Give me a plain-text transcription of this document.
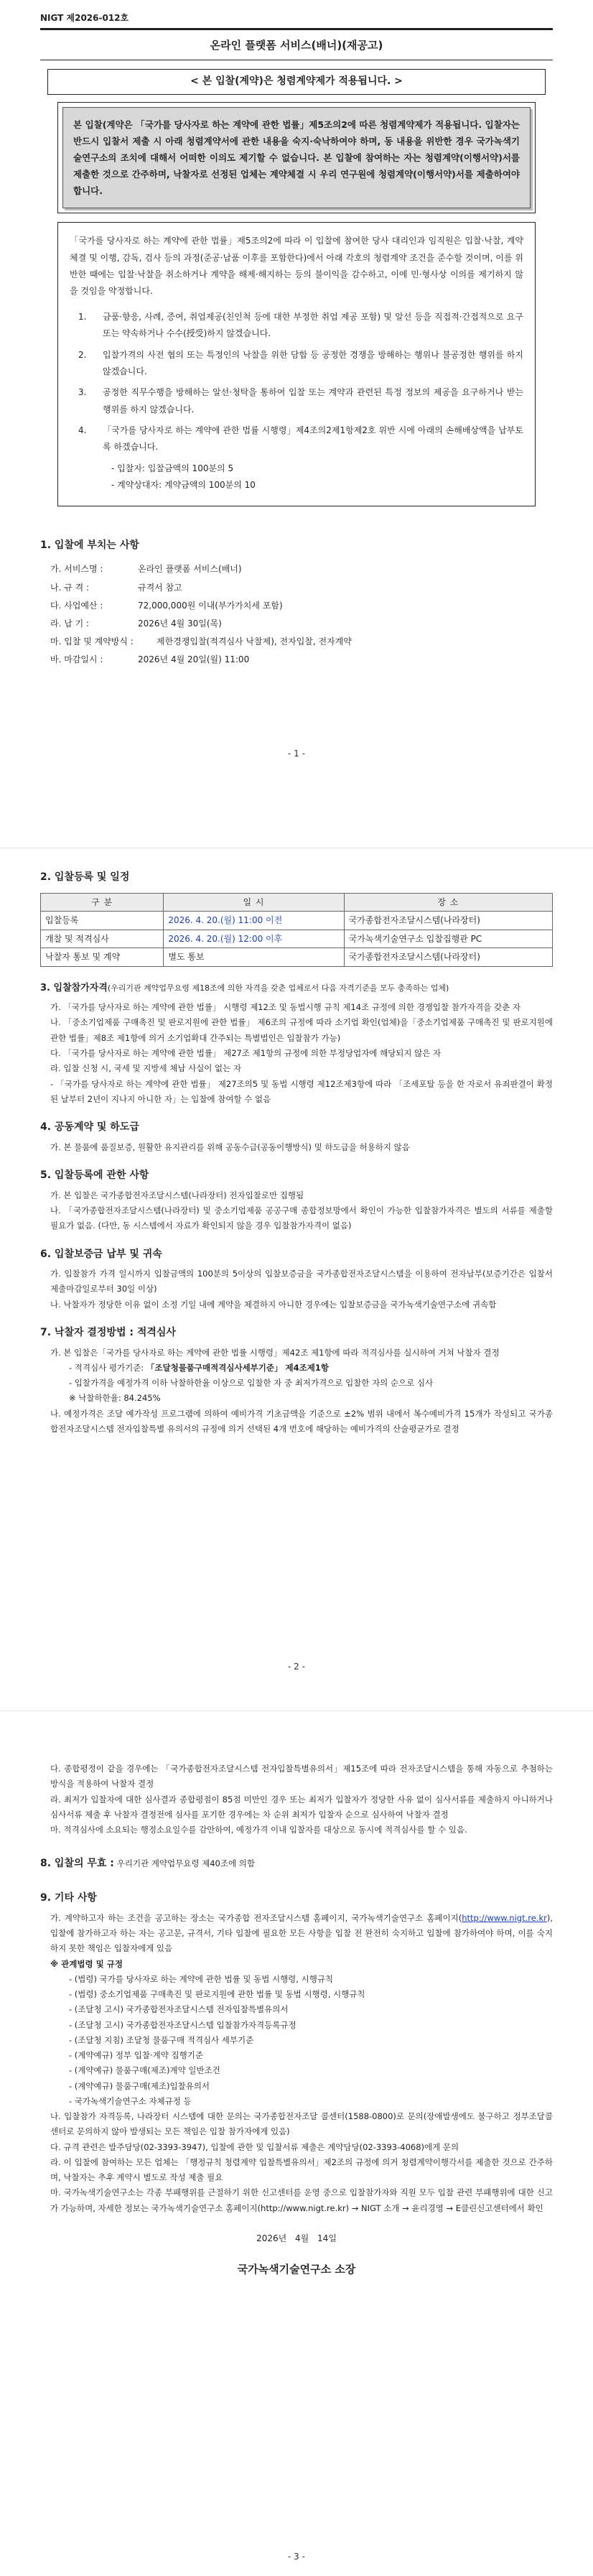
NIGT 제2026-012호
온라인 플랫폼 서비스(배너)(재공고)
< 본 입찰(계약)은 청렴계약제가 적용됩니다. >
본 입찰(계약은 「국가를 당사자로 하는 계약에 관한 법률」제5조의2에 따른 청렴계약제가 적용됩니다. 입찰자는 반드시 입찰서 제출 시 아래 청렴계약서에 관한 내용을 숙지·숙낙하여야 하며, 동 내용을 위반한 경우 국가녹색기술연구소의 조치에 대해서 어떠한 이의도 제기할 수 없습니다. 본 입찰에 참여하는 자는 청렴계약(이행서약)서를 제출한 것으로 간주하며, 낙찰자로 선정된 업체는 계약체결 시 우리 연구원에 청렴계약(이행서약)서를 제출하여야 합니다.
「국가를 당사자로 하는 계약에 관한 법률」제5조의2에 따라 이 입찰에 참여한 당사 대리인과 임직원은 입찰·낙찰, 계약 체결 및 이행, 감독, 검사 등의 과정(준공·납품 이후를 포함한다)에서 아래 각호의 청렴계약 조건을 준수할 것이며, 이를 위반한 때에는 입찰·낙찰을 취소하거나 계약을 해제·해지하는 등의 불이익을 감수하고, 이에 민·형사상 이의를 제기하지 않을 것임을 약정합니다.
1.	금품·향응, 사례, 증여, 취업제공(친인척 등에 대한 부정한 취업 제공 포함) 및 알선 등을 직접적·간접적으로 요구 또는 약속하거나 수수(授受)하지 않겠습니다.
2.	입찰가격의 사전 협의 또는 특정인의 낙찰을 위한 담합 등 공정한 경쟁을 방해하는 행위나 불공정한 행위를 하지 않겠습니다.
3.	공정한 직무수행을 방해하는 알선·청탁을 통하여 입찰 또는 계약과 관련된 특정 정보의 제공을 요구하거나 받는 행위를 하지 않겠습니다.
4.	「국가를 당사자로 하는 계약에 관한 법률 시행령」제4조의2제1항제2호 위반 시에 아래의 손해배상액을 납부토록 하겠습니다.
- 입찰자: 입찰금액의 100분의 5
- 계약상대자: 계약금액의 100분의 10
1. 입찰에 부치는 사항
가. 서비스명 :	온라인 플랫폼 서비스(배너)
나. 규 격 :	규격서 참고
다. 사업예산 :	72,000,000원 이내(부가가치세 포함)
라. 납 기 :	2026년 4월 30일(목)
마. 입찰 및 계약방식 :	제한경쟁입찰(적격심사 낙찰제), 전자입찰, 전자계약
바. 마감일시 :	2026년 4월 20일(월) 11:00
- 1 -
2. 입찰등록 및 일정
구 분	일 시	장 소
입찰등록	2026. 4. 20.(월) 11:00 이전	국가종합전자조달시스템(나라장터)
개찰 및 적격심사	2026. 4. 20.(월) 12:00 이후	국가녹색기술연구소 입찰집행관 PC
낙찰자 통보 및 계약	별도 통보	국가종합전자조달시스템(나라장터)
3. 입찰참가자격(우리기관 계약업무요령 제18조에 의한 자격을 갖춘 업체로서 다음 자격기준을 모두 충족하는 업체)
가. 「국가를 당사자로 하는 계약에 관한 법률」 시행령 제12조 및 동법시행 규칙 제14조 규정에 의한 경쟁입찰 참가자격을 갖춘 자
나. 「중소기업제품 구매촉진 및 판로지원에 관한 법률」 제6조의 규정에 따라 소기업 확인(업체)을「중소기업제품 구매촉진 및 판로지원에 관한 법률」제8조 제1항에 의거 소기업확대 간주되는 특별법인은 입찰참가 가능)
다. 「국가를 당사자로 하는 계약에 관한 법률」 제27조 제1항의 규정에 의한 부정당업자에 해당되지 않은 자
라. 입찰 신청 시, 국세 및 지방세 체납 사실이 없는 자
- 「국가를 당사자로 하는 계약에 관한 법률」 제27조의5 및 동법 시행령 제12조제3항에 따라 「조세포탈 등을 한 자로서 유죄판결이 확정된 날부터 2년이 지나지 아니한 자」는 입찰에 참여할 수 없음
4. 공동계약 및 하도급
가. 본 물품에 품질보증, 원활한 유지관리를 위해 공동수급(공동이행방식) 및 하도급을 허용하지 않음
5. 입찰등록에 관한 사항
가. 본 입찰은 국가종합전자조달시스템(나라장터) 전자입찰로만 집행됨
나. 「국가종합전자조달시스템(나라장터) 및 중소기업제품 공공구매 종합정보망에서 확인이 가능한 입찰참가자격은 별도의 서류를 제출할 필요가 없음. (다만, 동 시스템에서 자료가 확인되지 않을 경우 입찰참가자격이 없음)
6. 입찰보증금 납부 및 귀속
가. 입찰참가 가격 일시까지 입찰금액의 100분의 5이상의 입찰보증금을 국가종합전자조달시스템을 이용하여 전자납부(보증기간은 입찰서 제출마감일로부터 30일 이상)
나. 낙찰자가 정당한 이유 없이 소정 기일 내에 계약을 체결하지 아니한 경우에는 입찰보증금을 국가녹색기술연구소에 귀속함
7. 낙찰자 결정방법 : 적격심사
가. 본 입찰은「국가를 당사자로 하는 계약에 관한 법률 시행령」제42조 제1항에 따라 적격심사를 실시하여 거쳐 낙찰자 결정
- 적격심사 평가기준: 「조달청물품구매적격심사세부기준」 제4조제1항
- 입찰가격을 예정가격 이하 낙찰하한율 이상으로 입찰한 자 중 최저가격으로 입찰한 자의 순으로 심사
※ 낙찰하한율: 84.245%
나. 예정가격은 조달 예가작성 프로그램에 의하여 예비가격 기초금액을 기준으로 ±2% 범위 내에서 복수예비가격 15개가 작성되고 국가종합전자조달시스템 전자입찰특별 유의서의 규정에 의거 선택된 4개 번호에 해당하는 예비가격의 산술평균가로 결정
- 2 -
다. 종합평정이 같을 경우에는 「국가종합전자조달시스템 전자입찰특별유의서」제15조에 따라 전자조달시스템을 통해 자동으로 추첨하는 방식을 적용하여 낙찰자 결정
라. 최저가 입찰자에 대한 심사결과 종합평점이 85점 미만인 경우 또는 최저가 입찰자가 정당한 사유 없이 심사서류를 제출하지 아니하거나 심사서류 제출 후 낙찰자 결정전에 심사를 포기한 경우에는 차 순위 최저가 입찰자 순으로 심사하여 낙찰자 결정
마. 적격심사에 소요되는 행정소요일수를 감안하여, 예정가격 이내 입찰자를 대상으로 동시에 적격심사를 할 수 있음.
8. 입찰의 무효 : 우리기관 계약업무요령 제40조에 의함
9. 기타 사항
가. 계약하고자 하는 조건을 공고하는 장소는 국가종합 전자조달시스템 홈페이지, 국가녹색기술연구소 홈페이지(http://www.nigt.re.kr), 입찰에 참가하고자 하는 자는 공고문, 규격서, 기타 입찰에 필요한 모든 사항을 입찰 전 완전히 숙지하고 입찰에 참가하여야 하며, 이를 숙지하지 못한 책임은 입찰자에게 있음
※ 관계법령 및 규정
- (법령) 국가를 당사자로 하는 계약에 관한 법률 및 동법 시행령, 시행규칙
- (법령) 중소기업제품 구매촉진 및 판로지원에 관한 법률 및 동법 시행령, 시행규칙
- (조달청 고시) 국가종합전자조달시스템 전자입찰특별유의서
- (조달청 고시) 국가종합전자조달시스템 입찰참가자격등록규정
- (조달청 지침) 조달청 물품구매 적격심사 세부기준
- (계약예규) 정부 입찰·계약 집행기준
- (계약예규) 물품구매(제조)계약 일반조건
- (계약예규) 물품구매(제조)입찰유의서
- 국가녹색기술연구소 자체규정 등
나. 입찰참가 자격등록, 나라장터 시스템에 대한 문의는 국가종합전자조달 콜센터(1588-0800)로 문의(장애발생에도 불구하고 정부조달콜센터로 문의하지 않아 발생되는 모든 책임은 입찰 참가자에게 있음)
다. 규격 관련은 발주담당(02-3393-3947), 입찰에 관한 및 입찰서류 제출은 계약담당(02-3393-4068)에게 문의
라. 이 입찰에 참여하는 모든 업체는 「행정규칙 청렴계약 입찰특별유의서」제2조의 규정에 의거 청렴계약이행각서를 제출한 것으로 간주하며, 낙찰자는 추후 계약시 별도로 작성 제출 필요
마. 국가녹색기술연구소는 각종 부패행위를 근절하기 위한 신고센터를 운영 중으로 입찰참가자와 직원 모두 입찰 관련 부패행위에 대한 신고가 가능하며, 자세한 정보는 국가녹색기술연구소 홈페이지(http://www.nigt.re.kr) → NIGT 소개 → 윤리경영 → E클린신고센터에서 확인
2026년 4월 14일
국가녹색기술연구소 소장
- 3 -
